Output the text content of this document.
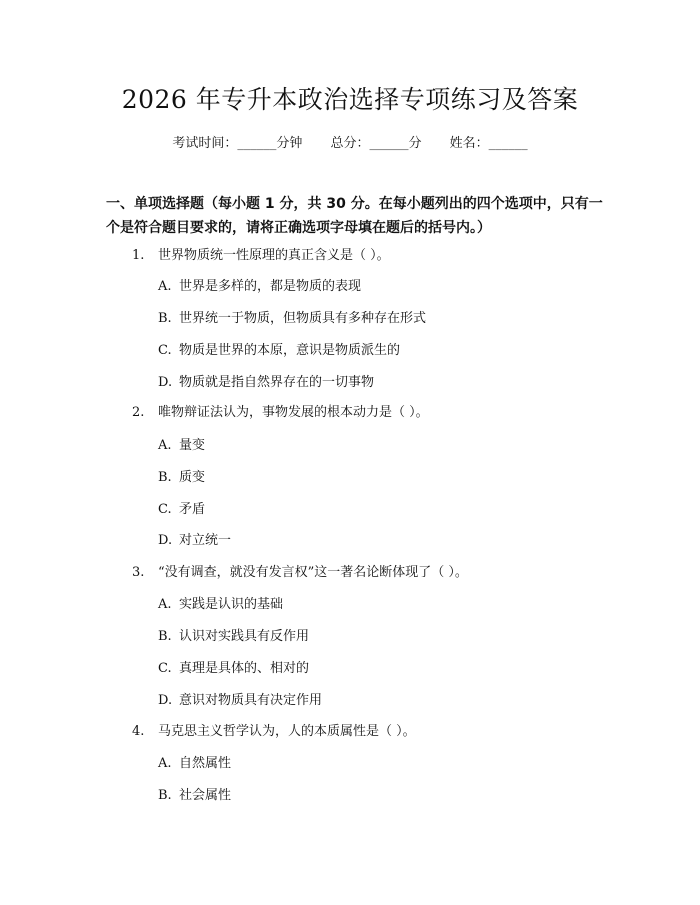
2026 年专升本政治选择专项练习及答案
考试时间：______分钟 总分：______分 姓名：______
一、单项选择题（每小题 1 分，共 30 分。在每小题列出的四个选项中，只有一个是符合题目要求的，请将正确选项字母填在题后的括号内。）
1. 世界物质统一性原理的真正含义是（ ）。
A. 世界是多样的，都是物质的表现
B. 世界统一于物质，但物质具有多种存在形式
C. 物质是世界的本原，意识是物质派生的
D. 物质就是指自然界存在的一切事物
2. 唯物辩证法认为，事物发展的根本动力是（ ）。
A. 量变
B. 质变
C. 矛盾
D. 对立统一
3. “没有调查，就没有发言权”这一著名论断体现了（ ）。
A. 实践是认识的基础
B. 认识对实践具有反作用
C. 真理是具体的、相对的
D. 意识对物质具有决定作用
4. 马克思主义哲学认为，人的本质属性是（ ）。
A. 自然属性
B. 社会属性
